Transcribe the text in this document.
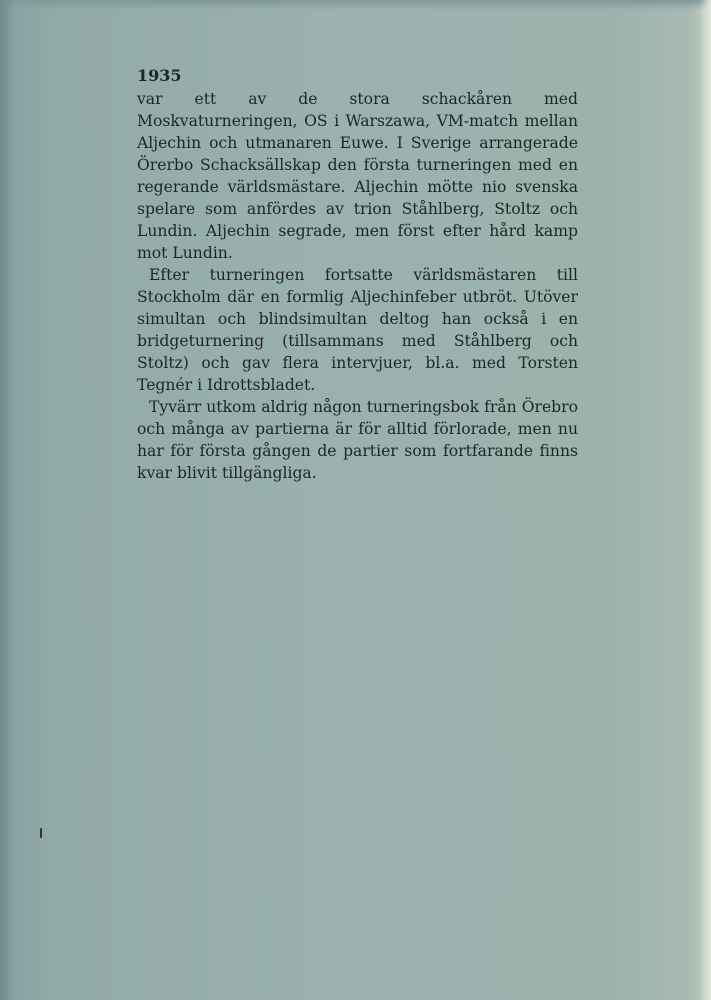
1935

var ett av de stora schackåren med Moskvaturneringen, OS i Warszawa, VM-match mellan Aljechin och utmanaren Euwe. I Sverige arrangerade Örerbo Schacksällskap den första turneringen med en regerande världsmästare. Aljechin mötte nio svenska spelare som anfördes av trion Ståhlberg, Stoltz och Lundin. Aljechin segrade, men först efter hård kamp mot Lundin.

Efter turneringen fortsatte världsmästaren till Stockholm där en formlig Aljechinfeber utbröt. Utöver simultan och blindsimultan deltog han också i en bridgeturnering (tillsammans med Ståhlberg och Stoltz) och gav flera intervjuer, bl.a. med Torsten Tegnér i Idrottsbladet.

Tyvärr utkom aldrig någon turneringsbok från Örebro och många av partierna är för alltid förlorade, men nu har för första gången de partier som fortfarande finns kvar blivit tillgängliga.
